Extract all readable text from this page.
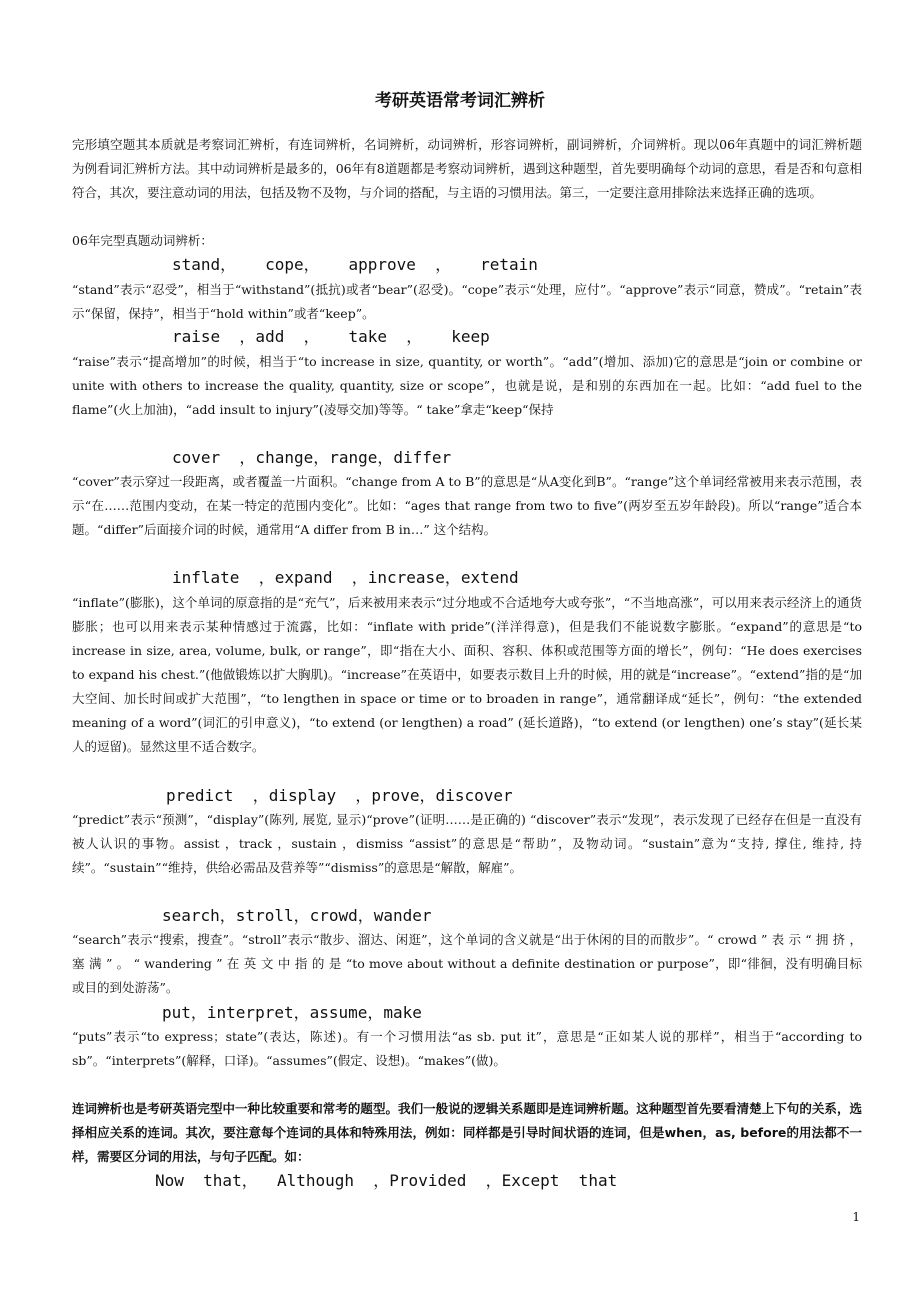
考研英语常考词汇辨析
完形填空题其本质就是考察词汇辨析，有连词辨析，名词辨析，动词辨析，形容词辨析，副词辨析，介词辨析。现以06年真题中的词汇辨析题为例看词汇辨析方法。其中动词辨析是最多的，06年有8道题都是考察动词辨析，遇到这种题型，首先要明确每个动词的意思，看是否和句意相符合，其次，要注意动词的用法，包括及物不及物，与介词的搭配，与主语的习惯用法。第三，一定要注意用排除法来选择正确的选项。
06年完型真题动词辨析：
stand，   cope，   approve  ，   retain
“stand”表示“忍受”，相当于“withstand”(抵抗)或者“bear”(忍受)。“cope”表示“处理，应付”。“approve”表示“同意，赞成”。“retain”表示“保留，保持”，相当于“hold within”或者“keep”。
raise  ，add  ，   take  ，   keep
“raise”表示“提高增加”的时候，相当于“to increase in size, quantity, or worth”。“add”(增加、添加)它的意思是“join or combine or unite with others to increase the quality, quantity, size or scope”，也就是说，是和别的东西加在一起。比如：“add fuel to the flame”(火上加油)，“add insult to injury”(凌辱交加)等等。“ take”拿走“keep“保持
cover  ，change，range，differ
“cover”表示穿过一段距离，或者覆盖一片面积。“change from A to B”的意思是“从A变化到B”。“range”这个单词经常被用来表示范围，表示“在……范围内变动，在某一特定的范围内变化”。比如：“ages that range from two to five”(两岁至五岁年龄段)。所以“range”适合本题。“differ”后面接介词的时候，通常用“A differ from B in…” 这个结构。
inflate  ，expand  ，increase，extend
“inflate”(膨胀)，这个单词的原意指的是“充气”，后来被用来表示“过分地或不合适地夸大或夸张”，“不当地高涨”，可以用来表示经济上的通货膨胀；也可以用来表示某种情感过于流露，比如：“inflate with pride”(洋洋得意)，但是我们不能说数字膨胀。“expand”的意思是“to increase in size, area, volume, bulk, or range”，即“指在大小、面积、容积、体积或范围等方面的增长”，例句：“He does exercises to expand his chest.”(他做锻炼以扩大胸肌)。“increase”在英语中，如要表示数目上升的时候，用的就是“increase”。“extend”指的是“加大空间、加长时间或扩大范围”，“to lengthen in space or time or to broaden in range”，通常翻译成“延长”，例句：“the extended meaning of a word”(词汇的引申意义)，“to extend (or lengthen) a road” (延长道路)，“to extend (or lengthen) one’s stay”(延长某人的逗留)。显然这里不适合数字。
predict  ，display  ，prove，discover
“predict”表示“预测”，“display”(陈列, 展览, 显示)“prove”(证明……是正确的) “discover”表示“发现”，表示发现了已经存在但是一直没有被人认识的事物。assist ，track ，sustain ，dismiss “assist”的意思是“帮助”，及物动词。“sustain”意为“支持, 撑住, 维持, 持续”。“sustain”“维持，供给必需品及营养等”“dismiss”的意思是“解散，解雇”。
search，stroll，crowd，wander
“search”表示“搜索，搜查”。“stroll”表示“散步、溜达、闲逛”，这个单词的含义就是“出于休闲的目的而散步”。“ crowd ” 表 示 “ 拥 挤 ， 塞 满 ” 。 “ wandering ” 在 英 文 中 指 的 是 “to move about without a definite destination or purpose”，即“徘徊，没有明确目标或目的到处游荡”。
put，interpret，assume，make
“puts”表示“to express；state”(表达，陈述)。有一个习惯用法“as sb. put it”，意思是“正如某人说的那样”，相当于“according to sb”。“interprets”(解释，口译)。“assumes”(假定、设想)。“makes”(做)。
连词辨析也是考研英语完型中一种比较重要和常考的题型。我们一般说的逻辑关系题即是连词辨析题。这种题型首先要看清楚上下句的关系，选择相应关系的连词。其次，要注意每个连词的具体和特殊用法，例如：同样都是引导时间状语的连词，但是when，as, before的用法都不一样，需要区分词的用法，与句子匹配。如：
Now  that，  Although  ，Provided  ，Except  that
1
